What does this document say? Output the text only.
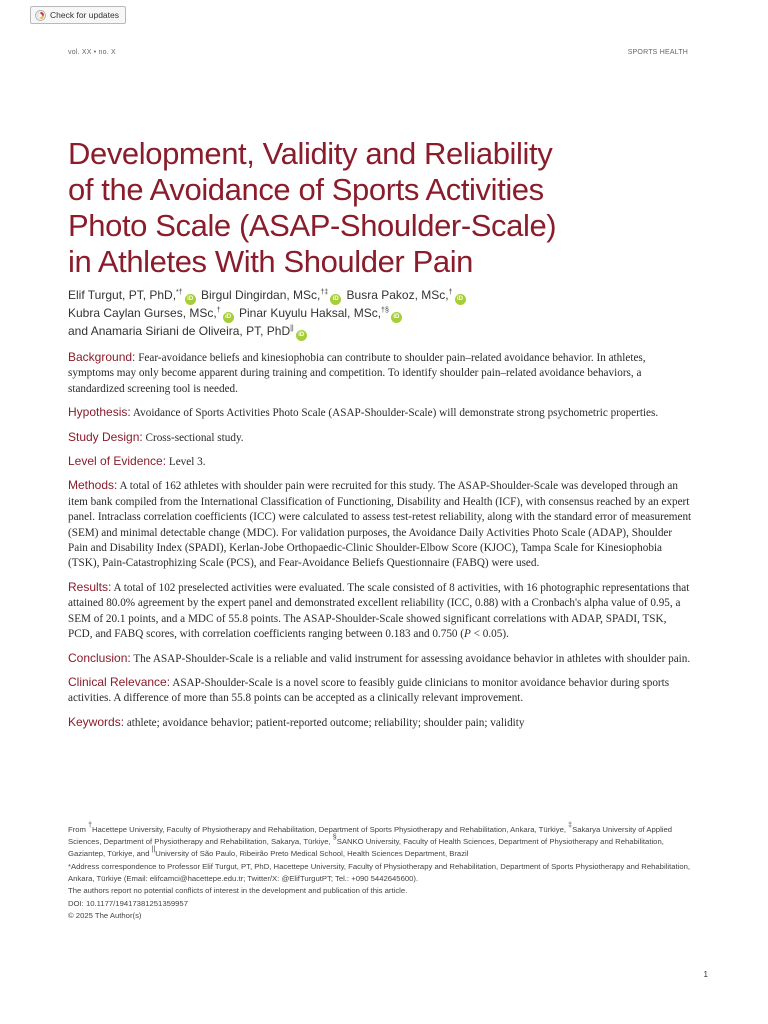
Check for updates
vol. XX • no. X	SPORTS HEALTH
Development, Validity and Reliability
of the Avoidance of Sports Activities
Photo Scale (ASAP-Shoulder-Scale)
in Athletes With Shoulder Pain
Elif Turgut, PT, PhD,*†iD Birgul Dingirdan, MSc,†‡iD Busra Pakoz, MSc,†iD
Kubra Caylan Gurses, MSc,†iD Pinar Kuyulu Haksal, MSc,†§iD
and Anamaria Siriani de Oliveira, PT, PhD||iD

Background: Fear-avoidance beliefs and kinesiophobia can contribute to shoulder pain–related avoidance behavior. In athletes, symptoms may only become apparent during training and competition. To identify shoulder pain–related avoidance behaviors, a standardized screening tool is needed.

Hypothesis: Avoidance of Sports Activities Photo Scale (ASAP-Shoulder-Scale) will demonstrate strong psychometric properties.

Study Design: Cross-sectional study.

Level of Evidence: Level 3.

Methods: A total of 162 athletes with shoulder pain were recruited for this study. The ASAP-Shoulder-Scale was developed through an item bank compiled from the International Classification of Functioning, Disability and Health (ICF), with consensus reached by an expert panel. Intraclass correlation coefficients (ICC) were calculated to assess test-retest reliability, along with the standard error of measurement (SEM) and minimal detectable change (MDC). For validation purposes, the Avoidance Daily Activities Photo Scale (ADAP), Shoulder Pain and Disability Index (SPADI), Kerlan-Jobe Orthopaedic-Clinic Shoulder-Elbow Score (KJOC), Tampa Scale for Kinesiophobia (TSK), Pain-Catastrophizing Scale (PCS), and Fear-Avoidance Beliefs Questionnaire (FABQ) were used.

Results: A total of 102 preselected activities were evaluated. The scale consisted of 8 activities, with 16 photographic representations that attained 80.0% agreement by the expert panel and demonstrated excellent reliability (ICC, 0.88) with a Cronbach's alpha value of 0.95, a SEM of 20.1 points, and a MDC of 55.8 points. The ASAP-Shoulder-Scale showed significant correlations with ADAP, SPADI, TSK, PCD, and FABQ scores, with correlation coefficients ranging between 0.183 and 0.750 (P < 0.05).

Conclusion: The ASAP-Shoulder-Scale is a reliable and valid instrument for assessing avoidance behavior in athletes with shoulder pain.

Clinical Relevance: ASAP-Shoulder-Scale is a novel score to feasibly guide clinicians to monitor avoidance behavior during sports activities. A difference of more than 55.8 points can be accepted as a clinically relevant improvement.

Keywords: athlete; avoidance behavior; patient-reported outcome; reliability; shoulder pain; validity

From †Hacettepe University, Faculty of Physiotherapy and Rehabilitation, Department of Sports Physiotherapy and Rehabilitation, Ankara, Türkiye, ‡Sakarya University of Applied Sciences, Department of Physiotherapy and Rehabilitation, Sakarya, Türkiye, §SANKO University, Faculty of Health Sciences, Department of Physiotherapy and Rehabilitation, Gaziantep, Türkiye, and ||University of São Paulo, Ribeirão Preto Medical School, Health Sciences Department, Brazil

*Address correspondence to Professor Elif Turgut, PT, PhD, Hacettepe University, Faculty of Physiotherapy and Rehabilitation, Department of Sports Physiotherapy and Rehabilitation, Ankara, Türkiye (Email: elifcamci@hacettepe.edu.tr; Twitter/X: @ElifTurgutPT; Tel.: +090 5442645600).

The authors report no potential conflicts of interest in the development and publication of this article.

DOI: 10.1177/19417381251359957

© 2025 The Author(s)

1
